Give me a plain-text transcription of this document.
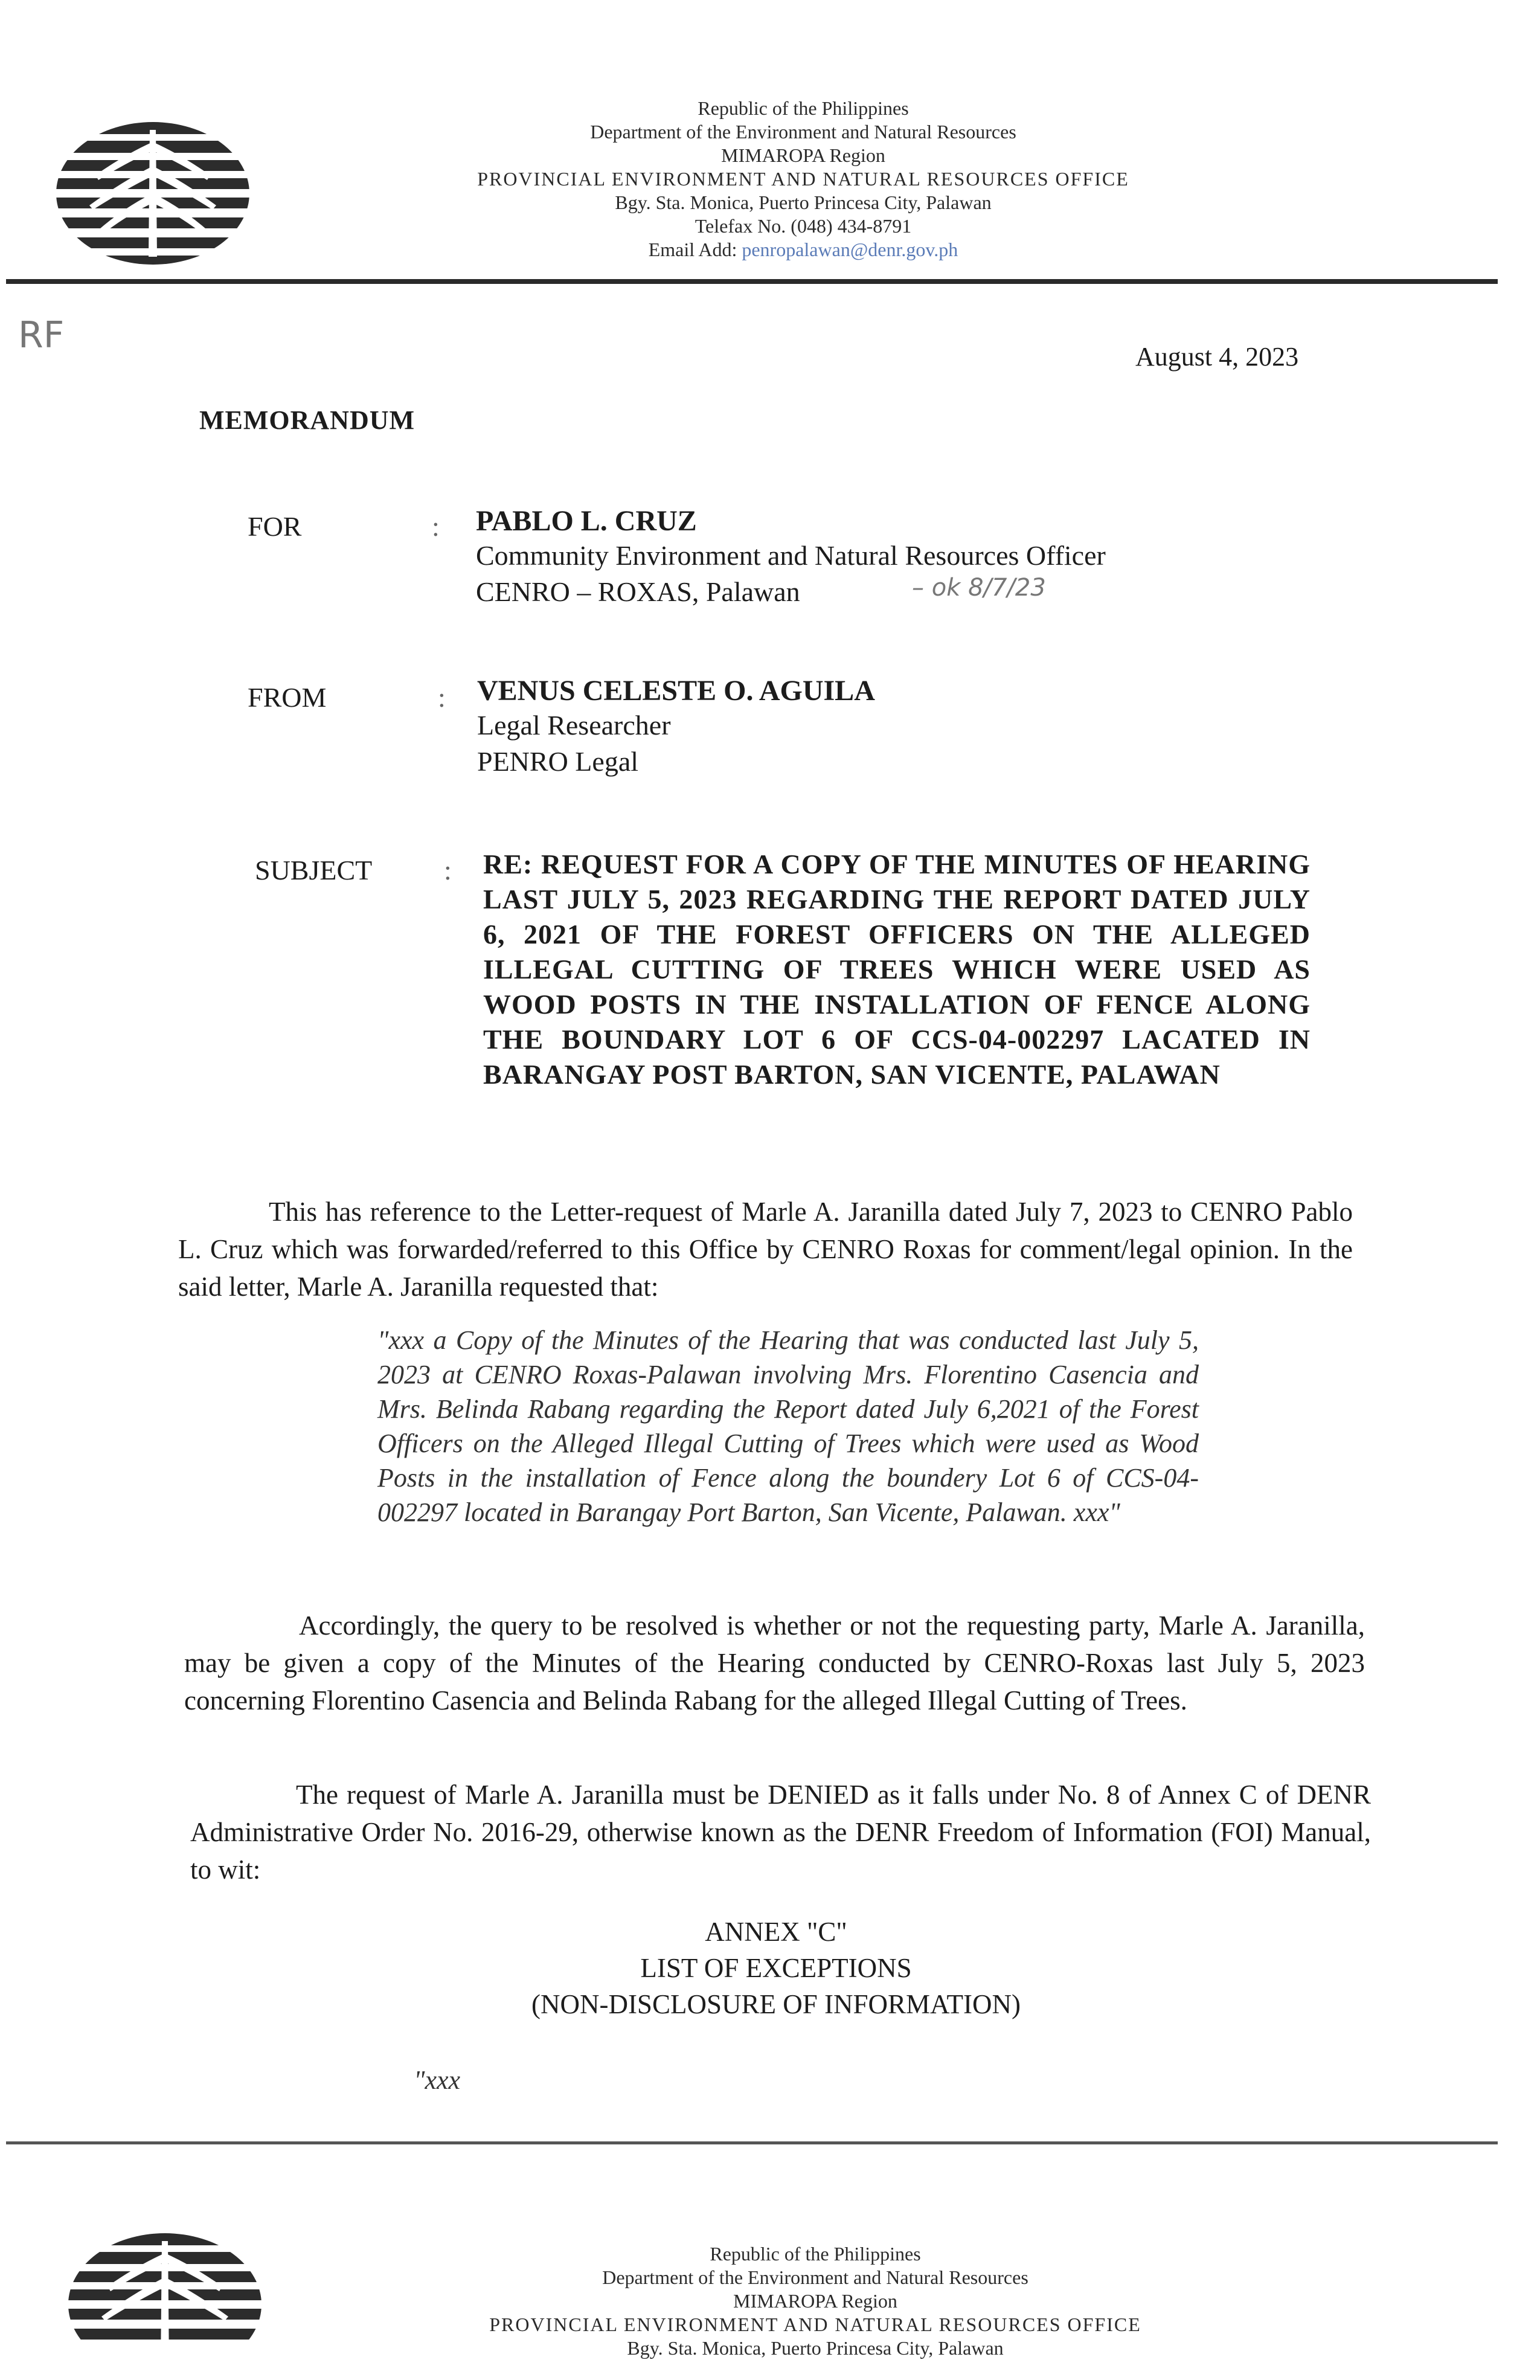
Republic of the Philippines
Department of the Environment and Natural Resources
MIMAROPA Region
PROVINCIAL ENVIRONMENT AND NATURAL RESOURCES OFFICE
Bgy. Sta. Monica, Puerto Princesa City, Palawan
Telefax No. (048) 434-8791
Email Add: penropalawan@denr.gov.ph
RF
August 4, 2023
MEMORANDUM
FOR	: PABLO L. CRUZ
Community Environment and Natural Resources Officer
CENRO – ROXAS, Palawan	– ok 8/7/23
FROM	: VENUS CELESTE O. AGUILA
Legal Researcher
PENRO Legal
SUBJECT	: RE: REQUEST FOR A COPY OF THE MINUTES OF HEARING LAST JULY 5, 2023 REGARDING THE REPORT DATED JULY 6, 2021 OF THE FOREST OFFICERS ON THE ALLEGED ILLEGAL CUTTING OF TREES WHICH WERE USED AS WOOD POSTS IN THE INSTALLATION OF FENCE ALONG THE BOUNDARY LOT 6 OF CCS-04-002297 LACATED IN BARANGAY POST BARTON, SAN VICENTE, PALAWAN
This has reference to the Letter-request of Marle A. Jaranilla dated July 7, 2023 to CENRO Pablo L. Cruz which was forwarded/referred to this Office by CENRO Roxas for comment/legal opinion. In the said letter, Marle A. Jaranilla requested that:
"xxx a Copy of the Minutes of the Hearing that was conducted last July 5, 2023 at CENRO Roxas-Palawan involving Mrs. Florentino Casencia and Mrs. Belinda Rabang regarding the Report dated July 6,2021 of the Forest Officers on the Alleged Illegal Cutting of Trees which were used as Wood Posts in the installation of Fence along the boundery Lot 6 of CCS-04-002297 located in Barangay Port Barton, San Vicente, Palawan. xxx"
Accordingly, the query to be resolved is whether or not the requesting party, Marle A. Jaranilla, may be given a copy of the Minutes of the Hearing conducted by CENRO-Roxas last July 5, 2023 concerning Florentino Casencia and Belinda Rabang for the alleged Illegal Cutting of Trees.
The request of Marle A. Jaranilla must be DENIED as it falls under No. 8 of Annex C of DENR Administrative Order No. 2016-29, otherwise known as the DENR Freedom of Information (FOI) Manual, to wit:
ANNEX "C"
LIST OF EXCEPTIONS
(NON-DISCLOSURE OF INFORMATION)
"xxx
Republic of the Philippines
Department of the Environment and Natural Resources
MIMAROPA Region
PROVINCIAL ENVIRONMENT AND NATURAL RESOURCES OFFICE
Bgy. Sta. Monica, Puerto Princesa City, Palawan
